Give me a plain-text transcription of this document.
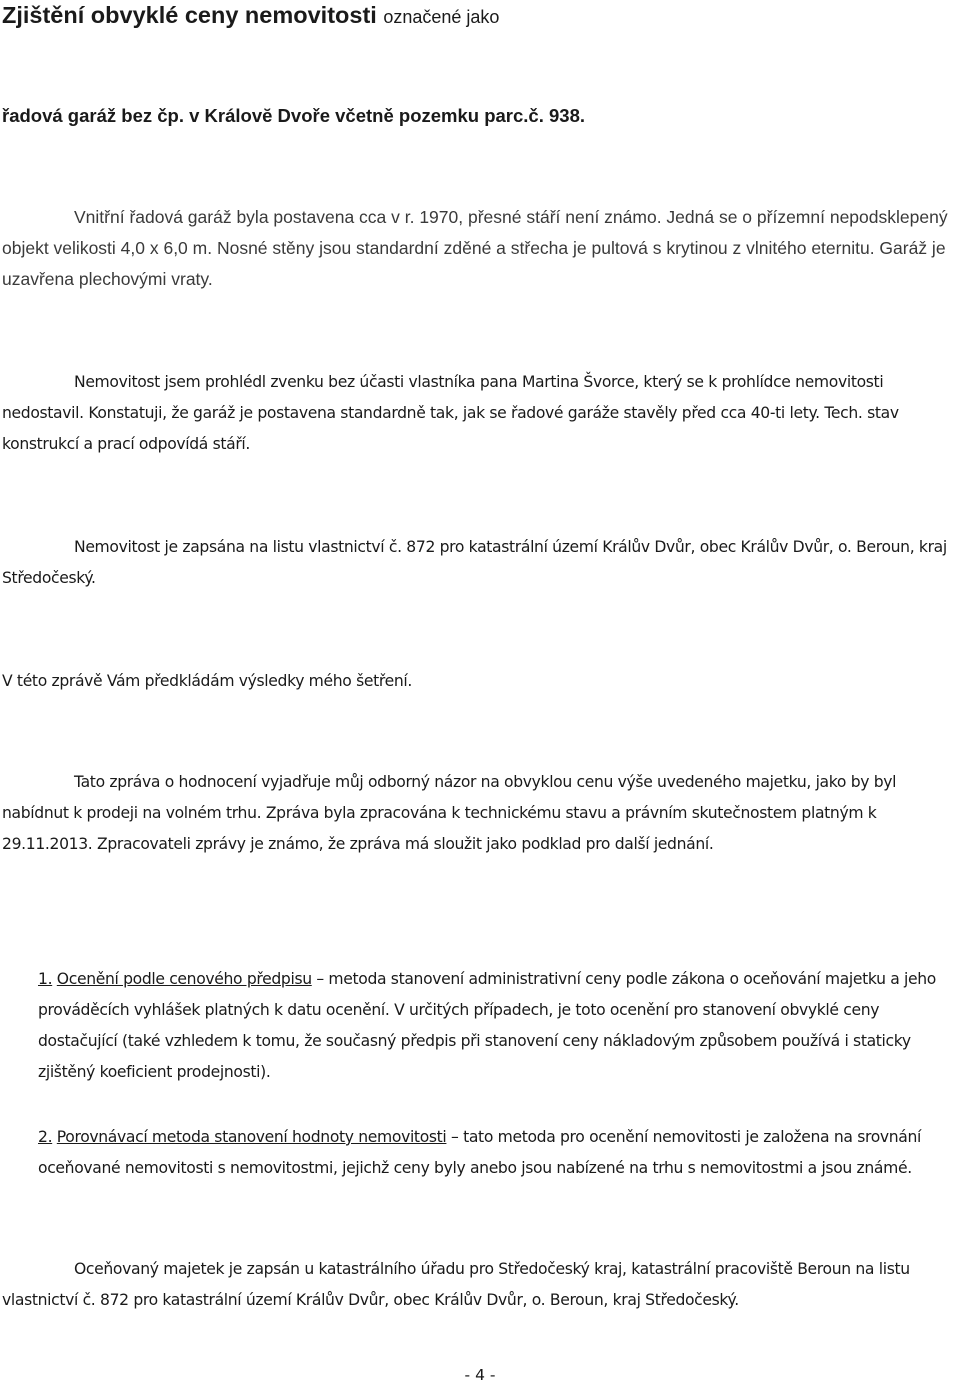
Zjištění obvyklé ceny nemovitosti označené jako
řadová garáž bez čp. v Královĕ Dvoře včetně pozemku parc.č. 938.
Vnitřní řadová garáž byla postavena cca v r. 1970, přesné stáří není známo. Jedná se o přízemní nepodsklepený objekt velikosti 4,0 x 6,0 m. Nosné stěny jsou standardní zděné a střecha je pultová s krytinou z vlnitého eternitu. Garáž je uzavřena plechovými vraty.
Nemovitost jsem prohlédl zvenku bez účasti vlastníka pana Martina Švorce, který se k prohlídce nemovitosti nedostavil. Konstatuji, že garáž je postavena standardně tak, jak se řadové garáže stavěly před cca 40-ti lety. Tech. stav konstrukcí a prací odpovídá stáří.
Nemovitost je zapsána na listu vlastnictví č. 872 pro katastrální území Králův Dvůr, obec Králův Dvůr, o. Beroun, kraj Středočeský.
V této zprávě Vám předkládám výsledky mého šetření.
Tato zpráva o hodnocení vyjadřuje můj odborný názor na obvyklou cenu výše uvedeného majetku, jako by byl nabídnut k prodeji na volném trhu. Zpráva byla zpracována k technickému stavu a právním skutečnostem platným k 29.11.2013. Zpracovateli zprávy je známo, že zpráva má sloužit jako podklad pro další jednání.
1. Ocenění podle cenového předpisu – metoda stanovení administrativní ceny podle zákona o oceňování majetku a jeho prováděcích vyhlášek platných k datu ocenění. V určitých případech, je toto ocenění pro stanovení obvyklé ceny dostačující (také vzhledem k tomu, že současný předpis při stanovení ceny nákladovým způsobem používá i staticky zjištěný koeficient prodejnosti).
2. Porovnávací metoda stanovení hodnoty nemovitosti – tato metoda pro ocenění nemovitosti je založena na srovnání oceňované nemovitosti s nemovitostmi, jejichž ceny byly anebo jsou nabízené na trhu s nemovitostmi a jsou známé.
Oceňovaný majetek je zapsán u katastrálního úřadu pro Středočeský kraj, katastrální pracoviště Beroun na listu vlastnictví č. 872 pro katastrální území Králův Dvůr, obec Králův Dvůr, o. Beroun, kraj Středočeský.
- 4 -
